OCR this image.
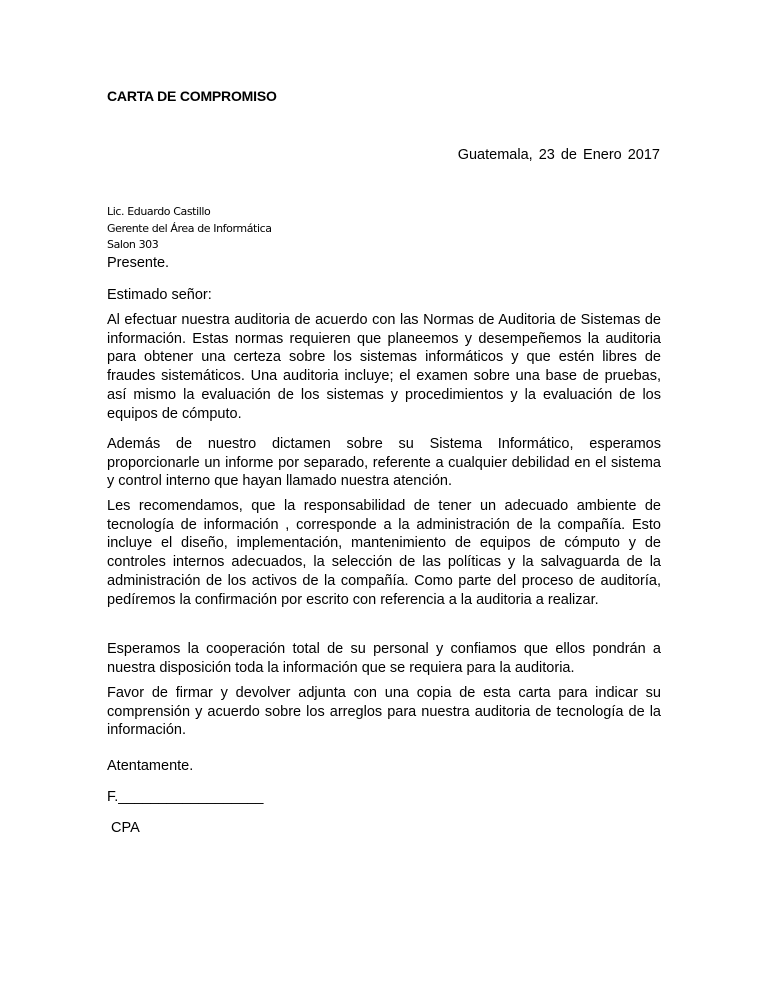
CARTA DE COMPROMISO
Guatemala, 23 de Enero 2017
Lic. Eduardo Castillo
Gerente del Área de Informática
Salon 303
Presente.
Estimado señor:
Al efectuar nuestra auditoria de acuerdo con las Normas de Auditoria de Sistemas de información. Estas normas requieren que planeemos y desempeñemos la auditoria para obtener una certeza sobre los sistemas informáticos y que estén libres de fraudes sistemáticos. Una auditoria incluye; el examen sobre una base de pruebas, así mismo la evaluación de los sistemas y procedimientos y la evaluación de los equipos de cómputo.
Además de nuestro dictamen sobre su Sistema Informático, esperamos proporcionarle un informe por separado, referente a cualquier debilidad en el sistema y control interno que hayan llamado nuestra atención.
Les recomendamos, que la responsabilidad de tener un adecuado ambiente de tecnología de información , corresponde a la administración de la compañía. Esto incluye el diseño, implementación, mantenimiento de equipos de cómputo y de controles internos adecuados, la selección de las políticas y la salvaguarda de la administración de los activos de la compañía. Como parte del proceso de auditoría, pedíremos la confirmación por escrito con referencia a la auditoria a realizar.
Esperamos la cooperación total de su personal y confiamos que ellos pondrán a nuestra disposición toda la información que se requiera para la auditoria.
Favor de firmar y devolver adjunta con una copia de esta carta para indicar su comprensión y acuerdo sobre los arreglos para nuestra auditoria de tecnología de la información.
Atentamente.
F.__________________
CPA
